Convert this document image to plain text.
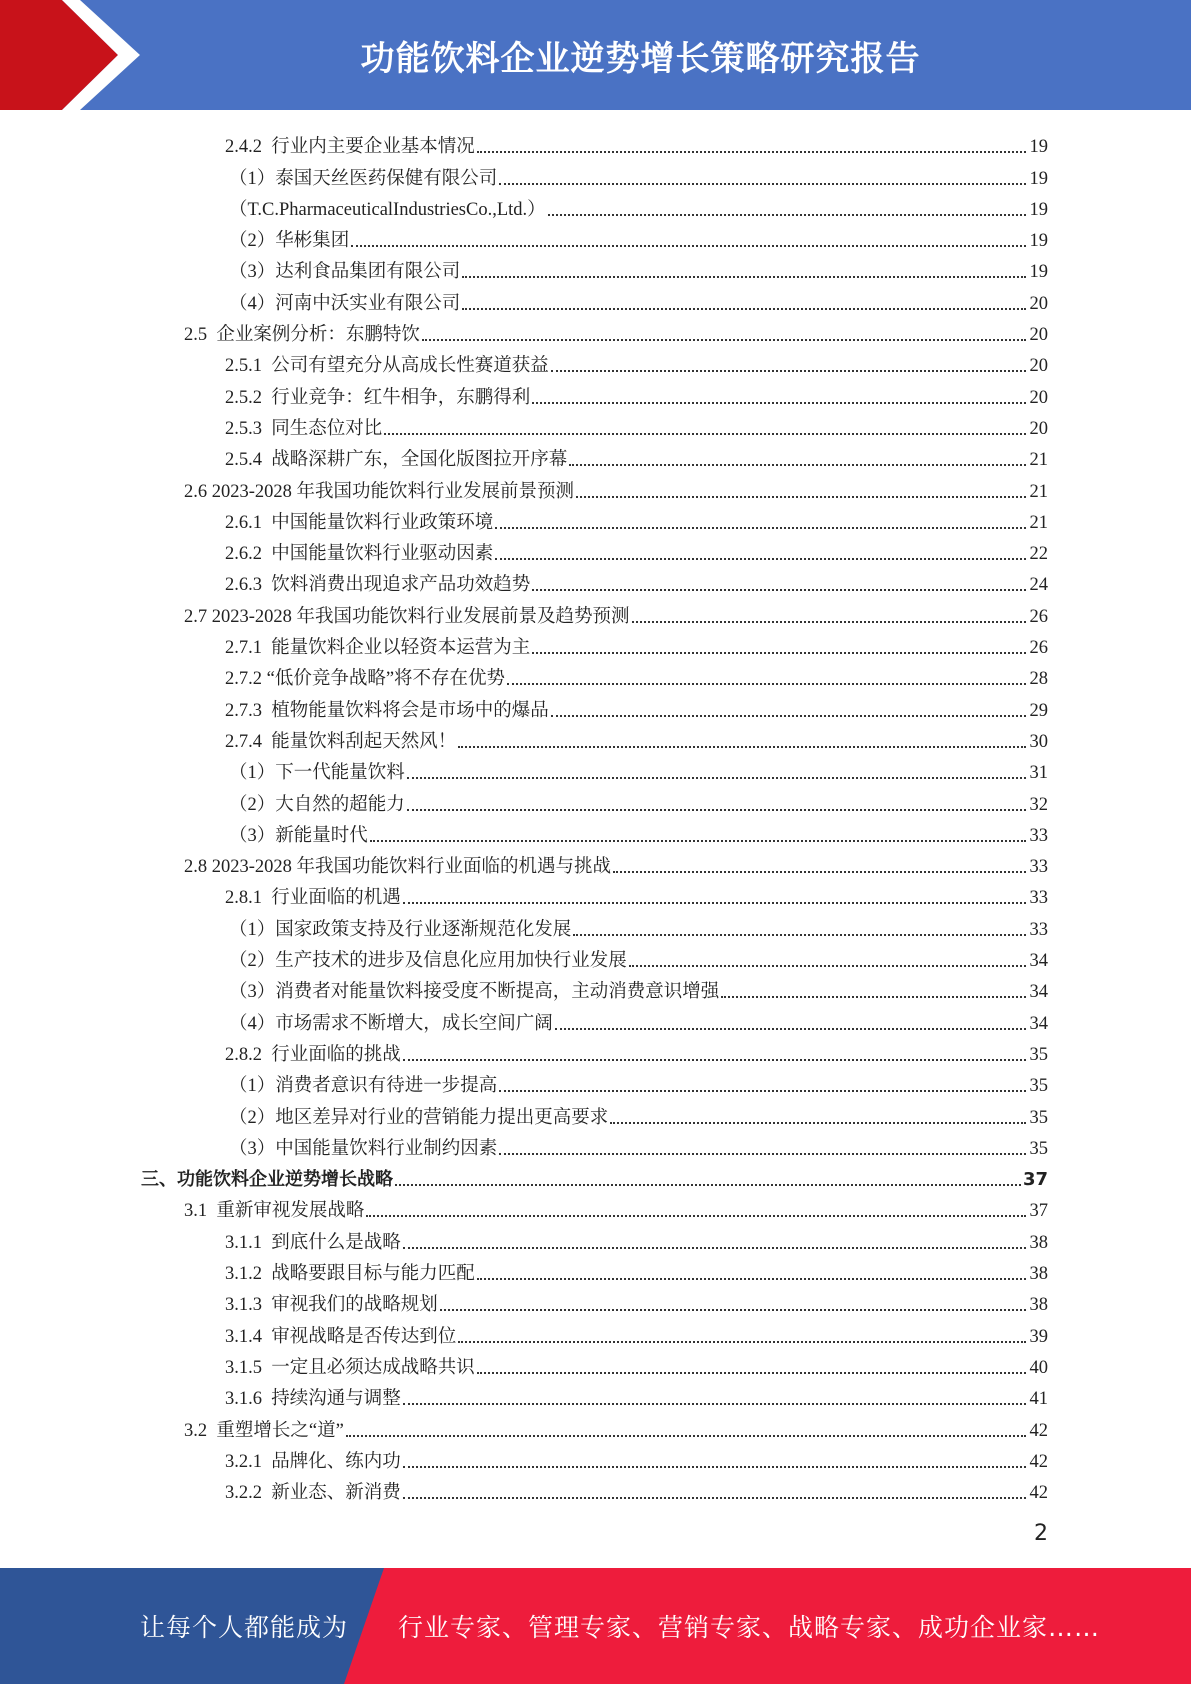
功能饮料企业逆势增长策略研究报告
2.4.2  行业内主要企业基本情况	19
（1）泰国天丝医药保健有限公司	19
（T.C.PharmaceuticalIndustriesCo.,Ltd.）	19
（2）华彬集团	19
（3）达利食品集团有限公司	19
（4）河南中沃实业有限公司	20
2.5  企业案例分析：东鹏特饮	20
2.5.1  公司有望充分从高成长性赛道获益	20
2.5.2  行业竞争：红牛相争，东鹏得利	20
2.5.3  同生态位对比	20
2.5.4  战略深耕广东，全国化版图拉开序幕	21
2.6 2023-2028 年我国功能饮料行业发展前景预测	21
2.6.1  中国能量饮料行业政策环境	21
2.6.2  中国能量饮料行业驱动因素	22
2.6.3  饮料消费出现追求产品功效趋势	24
2.7 2023-2028 年我国功能饮料行业发展前景及趋势预测	26
2.7.1  能量饮料企业以轻资本运营为主	26
2.7.2 “低价竞争战略”将不存在优势	28
2.7.3  植物能量饮料将会是市场中的爆品	29
2.7.4  能量饮料刮起天然风！	30
（1）下一代能量饮料	31
（2）大自然的超能力	32
（3）新能量时代	33
2.8 2023-2028 年我国功能饮料行业面临的机遇与挑战	33
2.8.1  行业面临的机遇	33
（1）国家政策支持及行业逐渐规范化发展	33
（2）生产技术的进步及信息化应用加快行业发展	34
（3）消费者对能量饮料接受度不断提高，主动消费意识增强	34
（4）市场需求不断增大，成长空间广阔	34
2.8.2  行业面临的挑战	35
（1）消费者意识有待进一步提高	35
（2）地区差异对行业的营销能力提出更高要求	35
（3）中国能量饮料行业制约因素	35
三、功能饮料企业逆势增长战略	37
3.1  重新审视发展战略	37
3.1.1  到底什么是战略	38
3.1.2  战略要跟目标与能力匹配	38
3.1.3  审视我们的战略规划	38
3.1.4  审视战略是否传达到位	39
3.1.5  一定且必须达成战略共识	40
3.1.6  持续沟通与调整	41
3.2  重塑增长之“道”	42
3.2.1  品牌化、练内功	42
3.2.2  新业态、新消费	42
2
让每个人都能成为 行业专家、管理专家、营销专家、战略专家、成功企业家……
